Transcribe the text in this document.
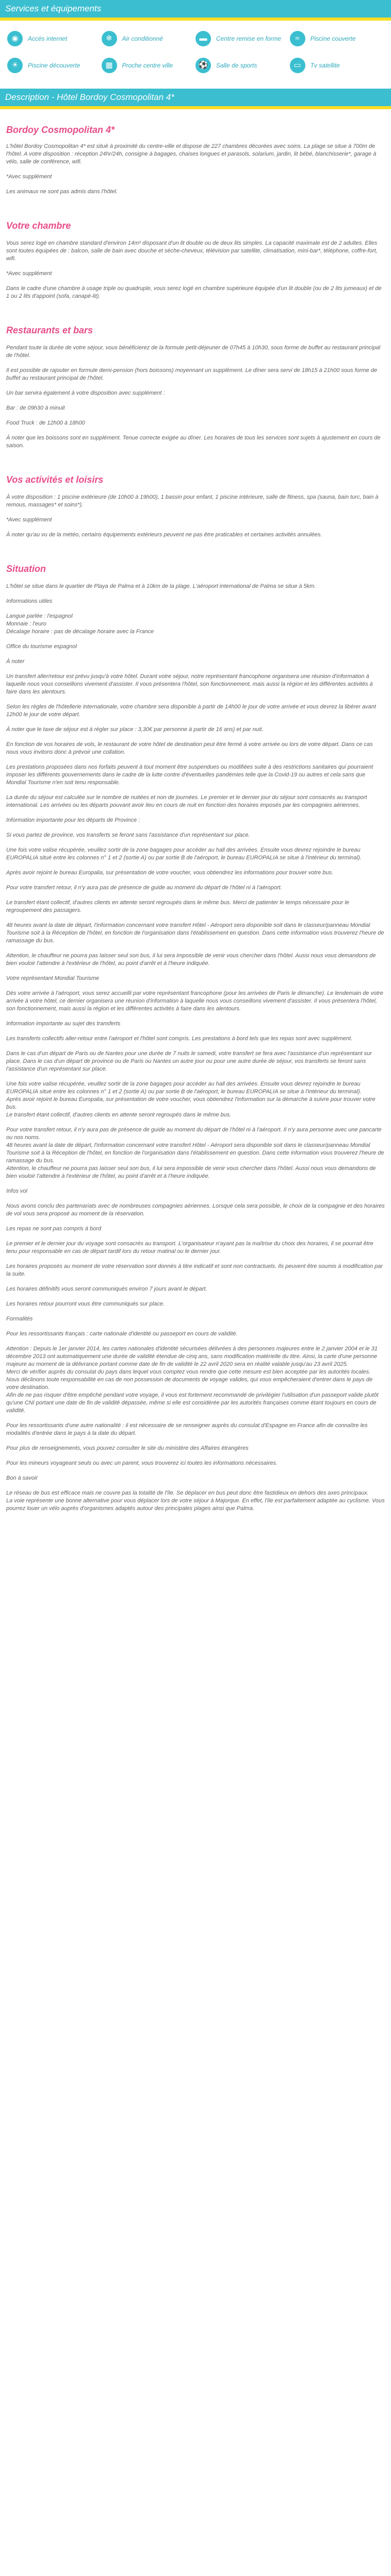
Services et équipements
◉	Accès internet	❄	Air conditionné	▬	Centre remise en forme	≈	Piscine couverte
☀	Piscine découverte	▦	Proche centre ville	⚽	Salle de sports	▭	Tv satellite
Description - Hôtel Bordoy Cosmopolitan 4*
Bordoy Cosmopolitan 4*

L'hôtel Bordoy Cosmopolitan 4* est situé à proximité du centre-ville et dispose de 227 chambres décorées avec soins. La plage se situe à 700m de l'hôtel. A votre disposition : réception 24hr/24h, consigne à bagages, chaises longues et parasols, solarium, jardin, lit bébé, blanchisserie*, garage à vélo, salle de conférence, wifi.

*Avec supplément

Les animaux ne sont pas admis dans l'hôtel.

Votre chambre

Vous serez logé en chambre standard d'environ 14m² disposant d'un lit double ou de deux lits simples. La capacité maximale est de 2 adultes. Elles sont toutes équipées de : balcon, salle de bain avec douche et sèche-cheveux, télévision par satellite, climatisation, mini-bar*, téléphone, coffre-fort, wifi.

*Avec supplément

Dans le cadre d'une chambre à usage triple ou quadruple, vous serez logé en chambre supérieure équipée d'un lit double (ou de 2 lits jumeaux) et de 1 ou 2 lits d'appoint (sofa, canapé-lit).

Restaurants et bars

Pendant toute la durée de votre séjour, vous bénéficierez de la formule petit-déjeuner de 07h45 à 10h30, sous forme de buffet au restaurant principal de l'hôtel.

Il est possible de rajouter en formule demi-pension (hors boissons) moyennant un supplément. Le dîner sera servi de 18h15 à 21h00 sous forme de buffet au restaurant principal de l'hôtel.

Un bar servira également à votre disposition avec supplément :

Bar : de 09h30 à minuit

Food Truck : de 12h00 à 18h00

À noter que les boissons sont en supplément. Tenue correcte exigée au dîner. Les horaires de tous les services sont sujets à ajustement en cours de saison.

Vos activités et loisirs

À votre disposition : 1 piscine extérieure (de 10h00 à 19h00), 1 bassin pour enfant, 1 piscine intérieure, salle de fitness, spa (sauna, bain turc, bain à remous, massages* et soins*).

*Avec supplément

À noter qu'au vu de la météo, certains équipements extérieurs peuvent ne pas être praticables et certaines activités annulées.

Situation

L'hôtel se situe dans le quartier de Playa de Palma et à 10km de la plage. L'aéroport international de Palma se situe à 5km.

Informations utiles

Langue parlée : l'espagnol
Monnaie : l'euro
Décalage horaire : pas de décalage horaire avec la France

Office du tourisme espagnol

À noter

Un transfert aller/retour est prévu jusqu'à votre hôtel. Durant votre séjour, notre représentant francophone organisera une réunion d'information à laquelle nous vous conseillons vivement d'assister. Il vous présentera l'hôtel, son fonctionnement, mais aussi la région et les différentes activités à faire dans les alentours.

Selon les règles de l'hôtellerie internationale, votre chambre sera disponible à partir de 14h00 le jour de votre arrivée et vous devrez la libérer avant 12h00 le jour de votre départ.

À noter que le taxe de séjour est à régler sur place : 3,30€ par personne à partir de 16 ans) et par nuit.

En fonction de vos horaires de vols, le restaurant de votre hôtel de destination peut être fermé à votre arrivée ou lors de votre départ. Dans ce cas nous vous invitons donc à prévoir une collation.

Les prestations proposées dans nos forfaits peuvent à tout moment être suspendues ou modifiées suite à des restrictions sanitaires qui pourraient imposer les différents gouvernements dans le cadre de la lutte contre d'éventuelles pandémies telle que la Covid-19 ou autres et cela sans que Mondial Tourisme n'en soit tenu responsable.

La durée du séjour est calculée sur le nombre de nuitées et non de journées. Le premier et le dernier jour du séjour sont consacrés au transport international. Les arrivées ou les départs pouvant avoir lieu en cours de nuit en fonction des horaires imposés par les compagnies aériennes.

Information importante pour les départs de Province :

Si vous partez de province, vos transferts se feront sans l'assistance d'un représentant sur place.

Une fois votre valise récupérée, veuillez sortir de la zone bagages pour accéder au hall des arrivées. Ensuite vous devrez rejoindre le bureau EUROPALIA situé entre les colonnes n° 1 et 2 (sortie A) ou par sortie B de l'aéroport, le bureau EUROPALIA se situe à l'intérieur du terminal).

Après avoir rejoint le bureau Europalia, sur présentation de votre voucher, vous obtiendrez les informations pour trouver votre bus.

Pour votre transfert retour, il n'y aura pas de présence de guide au moment du départ de l'hôtel ni à l'aéroport.

Le transfert étant collectif, d'autres clients en attente seront regroupés dans le même bus. Merci de patienter le temps nécessaire pour le regroupement des passagers.

48 heures avant la date de départ, l'information concernant votre transfert Hôtel - Aéroport sera disponible soit dans le classeur/panneau Mondial Tourisme soit à la Réception de l'hôtel, en fonction de l'organisation dans l'établissement en question. Dans cette information vous trouverez l'heure de ramassage du bus.

Attention, le chauffeur ne pourra pas laisser seul son bus, il lui sera impossible de venir vous chercher dans l'hôtel. Aussi nous vous demandons de bien vouloir l'attendre à l'extérieur de l'hôtel, au point d'arrêt et à l'heure indiquée.

Votre représentant Mondial Tourisme

Dès votre arrivée à l'aéroport, vous serez accueilli par votre représentant francophone (pour les arrivées de Paris le dimanche). Le lendemain de votre arrivée à votre hôtel, ce dernier organisera une réunion d'information à laquelle nous vous conseillons vivement d'assister. Il vous présentera l'hôtel, son fonctionnement, mais aussi la région et les différentes activités à faire dans les alentours.

Information importante au sujet des transferts

Les transferts collectifs aller-retour entre l'aéroport et l'hôtel sont compris. Les prestations à bord tels que les repas sont avec supplément.

Dans le cas d'un départ de Paris ou de Nantes pour une durée de 7 nuits le samedi, votre transfert se fera avec l'assistance d'un représentant sur place. Dans le cas d'un départ de province ou de Paris ou Nantes un autre jour ou pour une autre durée de séjour, vos transferts se feront sans l'assistance d'un représentant sur place.

Une fois votre valise récupérée, veuillez sortir de la zone bagages pour accéder au hall des arrivées. Ensuite vous devrez rejoindre le bureau EUROPALIA situé entre les colonnes n° 1 et 2 (sortie A) ou par sortie B de l'aéroport, le bureau EUROPALIA se situe à l'intérieur du terminal).
Après avoir rejoint le bureau Europalia, sur présentation de votre voucher, vous obtiendrez l'information sur la démarche à suivre pour trouver votre bus.
Le transfert étant collectif, d'autres clients en attente seront regroupés dans le même bus.

Pour votre transfert retour, il n'y aura pas de présence de guide au moment du départ de l'hôtel ni à l'aéroport. Il n'y aura personne avec une pancarte ou nos noms.
48 heures avant la date de départ, l'information concernant votre transfert Hôtel - Aéroport sera disponible soit dans le classeur/panneau Mondial Tourisme soit à la Réception de l'hôtel, en fonction de l'organisation dans l'établissement en question. Dans cette information vous trouverez l'heure de ramassage du bus.
Attention, le chauffeur ne pourra pas laisser seul son bus, il lui sera impossible de venir vous chercher dans l'hôtel. Aussi nous vous demandons de bien vouloir l'attendre à l'extérieur de l'hôtel, au point d'arrêt et à l'heure indiquée.

Infos vol

Nous avons conclu des partenariats avec de nombreuses compagnies aériennes. Lorsque cela sera possible, le choix de la compagnie et des horaires de vol vous sera proposé au moment de la réservation.

Les repas ne sont pas compris à bord

Le premier et le dernier jour du voyage sont consacrés au transport. L'organisateur n'ayant pas la maîtrise du choix des horaires, il se pourrait être tenu pour responsable en cas de départ tardif lors du retour matinal ou le dernier jour.

Les horaires proposés au moment de votre réservation sont donnés à titre indicatif et sont non contractuels. Ils peuvent être soumis à modification par la suite.

Les horaires définitifs vous seront communiqués environ 7 jours avant le départ.

Les horaires retour pourront vous être communiqués sur place.

Formalités

Pour les ressortissants français : carte nationale d'identité ou passeport en cours de validité.

Attention : Depuis le 1er janvier 2014, les cartes nationales d'identité sécurisées délivrées à des personnes majeures entre le 2 janvier 2004 et le 31 décembre 2013 ont automatiquement une durée de validité étendue de cinq ans, sans modification matérielle du titre. Ainsi, la carte d'une personne majeure au moment de la délivrance portant comme date de fin de validité le 22 avril 2020 sera en réalité valable jusqu'au 23 avril 2025.
Merci de vérifier auprès du consulat du pays dans lequel vous comptez vous rendre que cette mesure est bien acceptée par les autorités locales.
Nous déclinons toute responsabilité en cas de non possession de documents de voyage valides, qui vous empêcheraient d'entrer dans le pays de votre destination.
Afin de ne pas risquer d'être empêché pendant votre voyage, il vous est fortement recommandé de privilégier l'utilisation d'un passeport valide plutôt qu'une CNI portant une date de fin de validité dépassée, même si elle est considérée par les autorités françaises comme étant toujours en cours de validité.

Pour les ressortissants d'une autre nationalité : il est nécessaire de se renseigner auprès du consulat d'Espagne en France afin de connaître les modalités d'entrée dans le pays à la date du départ.

Pour plus de renseignements, vous pouvez consulter le site du ministère des Affaires étrangères

Pour les mineurs voyageant seuls ou avec un parent, vous trouverez ici toutes les informations nécessaires.

Bon à savoir

Le réseau de bus est efficace mais ne couvre pas la totalité de l'île. Se déplacer en bus peut donc être fastidieux en dehors des axes principaux.
La voie représente une bonne alternative pour vous déplacer lors de votre séjour à Majorque. En effet, l'Ile est parfaitement adaptée au cyclisme. Vous pourrez louer un vélo auprès d'organismes adaptés autour des principales plages ainsi que Palma.
